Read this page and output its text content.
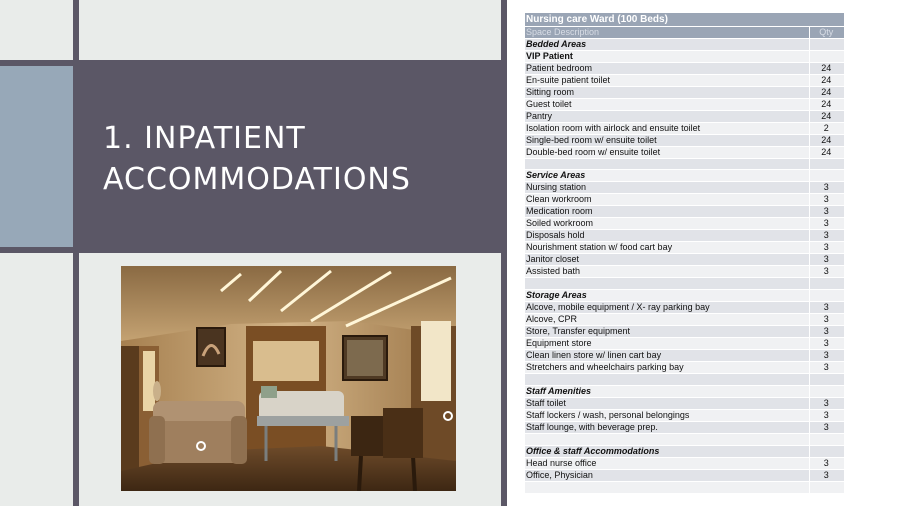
1. INPATIENT
ACCOMMODATIONS
Nursing care Ward (100 Beds)	
Space Description	Qty
Bedded Areas	
VIP Patient	
Patient bedroom	24
En-suite patient toilet	24
Sitting room	24
Guest toilet	24
Pantry	24
Isolation room with airlock and ensuite toilet	2
Single-bed room w/ ensuite toilet	24
Double-bed room w/ ensuite toilet	24

Service Areas	
Nursing station	3
Clean workroom	3
Medication room	3
Soiled workroom	3
Disposals hold	3
Nourishment station w/ food cart bay	3
Janitor closet	3
Assisted bath	3

Storage Areas	
Alcove, mobile equipment / X- ray parking bay	3
Alcove, CPR	3
Store, Transfer equipment	3
Equipment store	3
Clean linen store w/ linen cart bay	3
Stretchers and wheelchairs parking bay	3

Staff Amenities	
Staff toilet	3
Staff lockers / wash, personal belongings	3
Staff lounge, with beverage prep.	3

Office & staff Accommodations	
Head nurse office	3
Office, Physician	3
